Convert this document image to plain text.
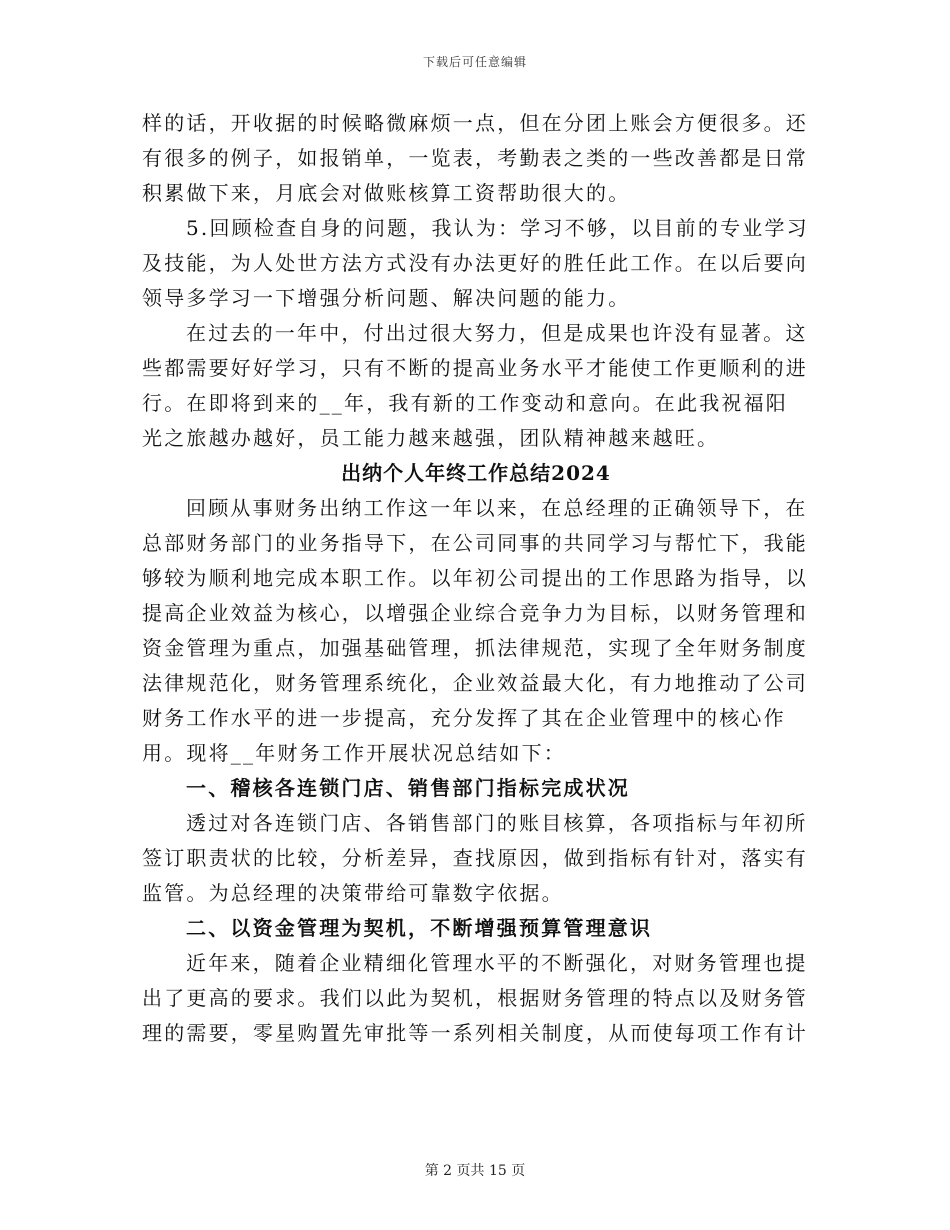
下载后可任意编辑

样的话，开收据的时候略微麻烦一点，但在分团上账会方便很多。还有很多的例子，如报销单，一览表，考勤表之类的一些改善都是日常积累做下来，月底会对做账核算工资帮助很大的。

5.回顾检查自身的问题，我认为：学习不够，以目前的专业学习及技能，为人处世方法方式没有办法更好的胜任此工作。在以后要向领导多学习一下增强分析问题、解决问题的能力。

在过去的一年中，付出过很大努力，但是成果也许没有显著。这些都需要好好学习，只有不断的提高业务水平才能使工作更顺利的进行。在即将到来的__年，我有新的工作变动和意向。在此我祝福阳光之旅越办越好，员工能力越来越强，团队精神越来越旺。

出纳个人年终工作总结2024

回顾从事财务出纳工作这一年以来，在总经理的正确领导下，在总部财务部门的业务指导下，在公司同事的共同学习与帮忙下，我能够较为顺利地完成本职工作。以年初公司提出的工作思路为指导，以提高企业效益为核心，以增强企业综合竞争力为目标，以财务管理和资金管理为重点，加强基础管理，抓法律规范，实现了全年财务制度法律规范化，财务管理系统化，企业效益最大化，有力地推动了公司财务工作水平的进一步提高，充分发挥了其在企业管理中的核心作用。现将__年财务工作开展状况总结如下：

一、稽核各连锁门店、销售部门指标完成状况

透过对各连锁门店、各销售部门的账目核算，各项指标与年初所签订职责状的比较，分析差异，查找原因，做到指标有针对，落实有监管。为总经理的决策带给可靠数字依据。

二、以资金管理为契机，不断增强预算管理意识

近年来，随着企业精细化管理水平的不断强化，对财务管理也提出了更高的要求。我们以此为契机，根据财务管理的特点以及财务管理的需要，零星购置先审批等一系列相关制度，从而使每项工作有计

第 2 页共 15 页
